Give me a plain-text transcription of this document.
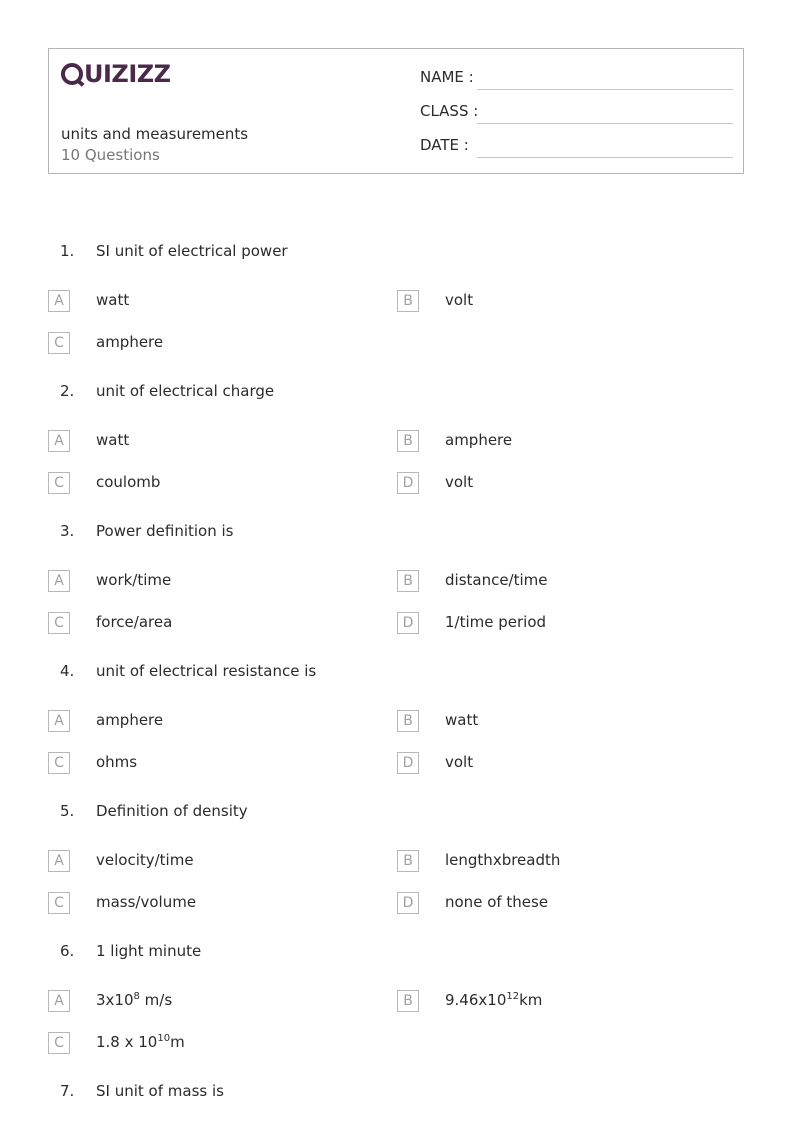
UIZIZZ
units and measurements
10 Questions
NAME :
CLASS :
DATE :
1. SI unit of electrical power
A	watt	B	volt
C	amphere
2. unit of electrical charge
A	watt	B	amphere
C	coulomb	D	volt
3. Power definition is
A	work/time	B	distance/time
C	force/area	D	1/time period
4. unit of electrical resistance is
A	amphere	B	watt
C	ohms	D	volt
5. Definition of density
A	velocity/time	B	lengthxbreadth
C	mass/volume	D	none of these
6. 1 light minute
A	$3x10^8$ m/s	B	$9.46x10^{12}km$
C	1.8 x $10^{10}m$
7. SI unit of mass is
